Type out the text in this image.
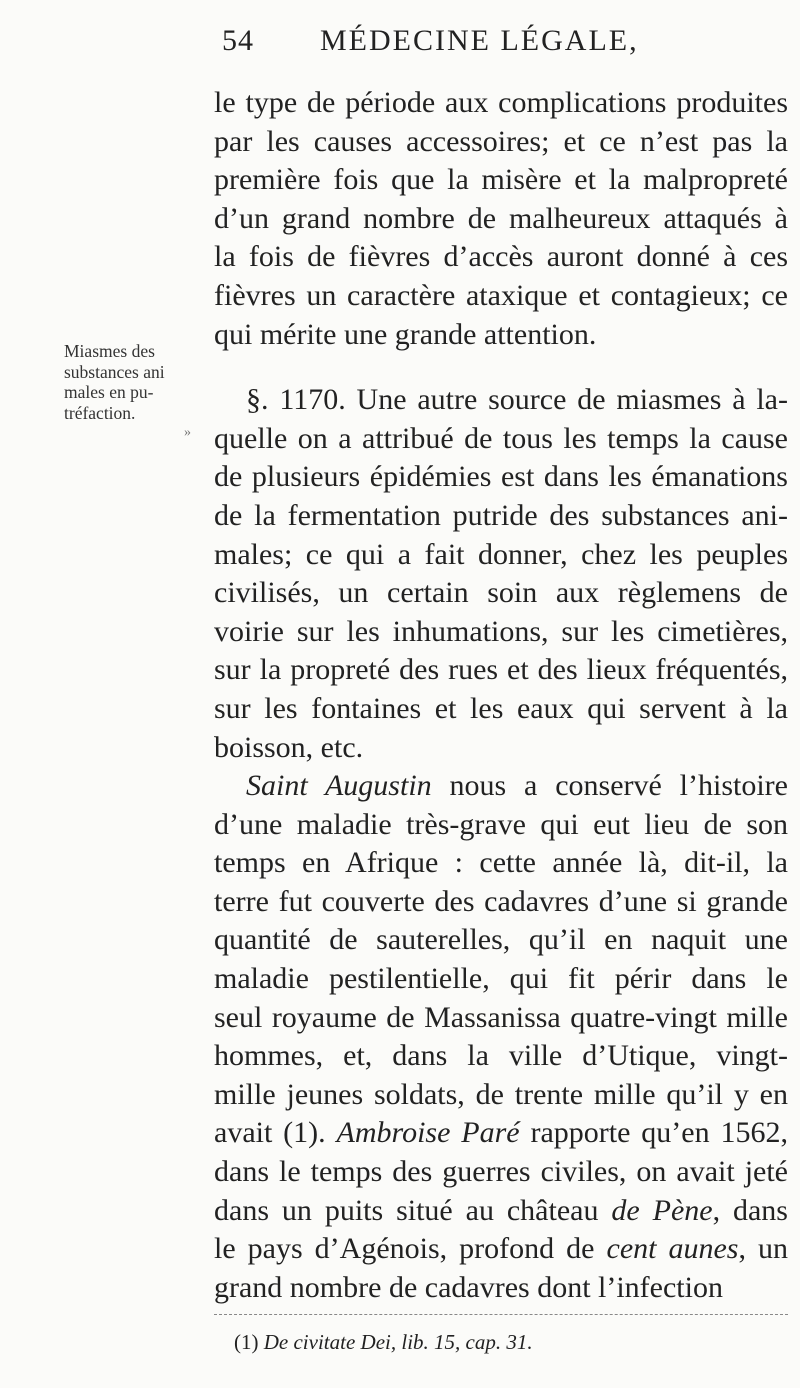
54 MÉDECINE LÉGALE,
Miasmes des
substances ani
males en pu-
tréfaction.
»
le type de période aux complications produites
par les causes accessoires; et ce n’est pas la
première fois que la misère et la malpropreté
d’un grand nombre de malheureux attaqués à
la fois de fièvres d’accès auront donné à ces
fièvres un caractère ataxique et contagieux; ce
qui mérite une grande attention.
§. 1170. Une autre source de miasmes à la-
quelle on a attribué de tous les temps la cause
de plusieurs épidémies est dans les émanations
de la fermentation putride des substances ani-
males; ce qui a fait donner, chez les peuples
civilisés, un certain soin aux règlemens de
voirie sur les inhumations, sur les cimetières,
sur la propreté des rues et des lieux fréquentés,
sur les fontaines et les eaux qui servent à la
boisson, etc.
Saint Augustin nous a conservé l’histoire
d’une maladie très-grave qui eut lieu de son
temps en Afrique : cette année là, dit-il, la
terre fut couverte des cadavres d’une si grande
quantité de sauterelles, qu’il en naquit une
maladie pestilentielle, qui fit périr dans le
seul royaume de Massanissa quatre-vingt mille
hommes, et, dans la ville d’Utique, vingt-
mille jeunes soldats, de trente mille qu’il y en
avait (1). Ambroise Paré rapporte qu’en 1562,
dans le temps des guerres civiles, on avait jeté
dans un puits situé au château de Pène, dans
le pays d’Agénois, profond de cent aunes, un
grand nombre de cadavres dont l’infection
(1) De civitate Dei, lib. 15, cap. 31.
